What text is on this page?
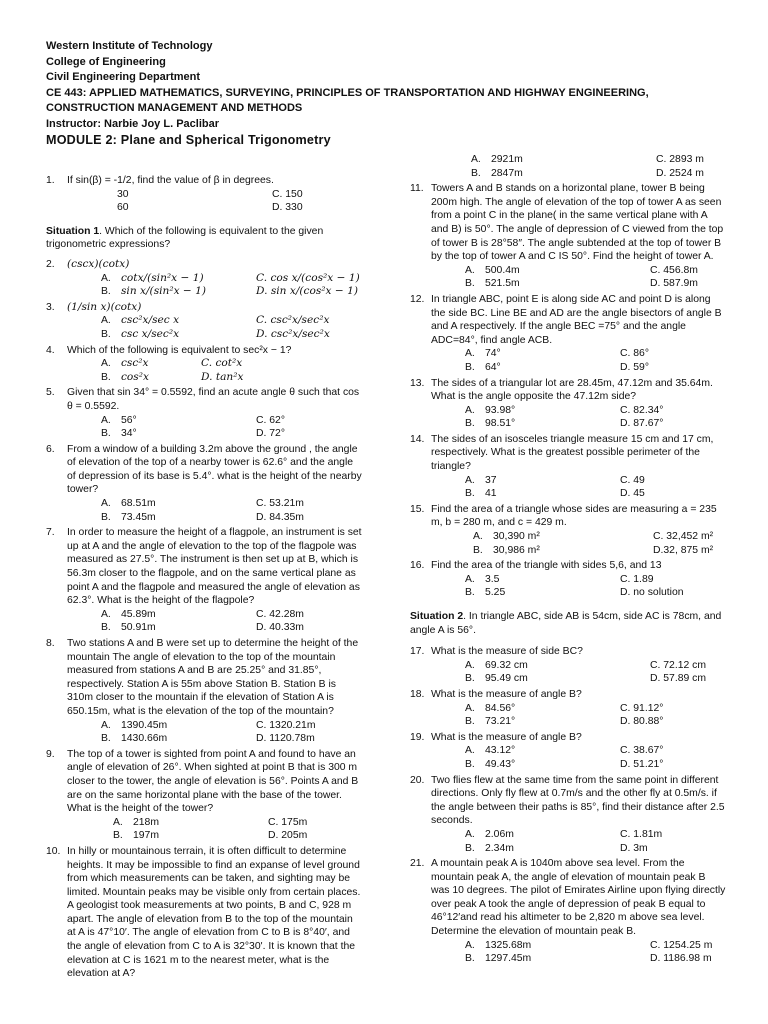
Western Institute of Technology
College of Engineering
Civil Engineering Department
CE 443: APPLIED MATHEMATICS, SURVEYING, PRINCIPLES OF TRANSPORTATION AND HIGHWAY ENGINEERING,
CONSTRUCTION MANAGEMENT AND METHODS
Instructor: Narbie Joy L. Paclibar
MODULE 2: Plane and Spherical Trigonometry
1. If sin(β) = -1/2, find the value of β in degrees.
30	C. 150
60	D. 330
Situation 1. Which of the following is equivalent to the given trigonometric expressions?
2. (cscx)(cotx)
A. cotx/(sin²x − 1)	C. cos x/(cos²x − 1)
B. sin x/(sin²x − 1)	D. sin x/(cos²x − 1)
3. (1/sin x)(cotx)
A. csc²x/sec x	C. csc²x/sec²x
B. csc x/sec²x	D. csc²x/sec²x
4. Which of the following is equivalent to sec²x − 1?
A. csc²x	C. cot²x
B. cos²x	D. tan²x
5. Given that sin 34° = 0.5592, find an acute angle θ such that cos θ = 0.5592.
A. 56°	C. 62°
B. 34°	D. 72°
6. From a window of a building 3.2m above the ground , the angle of elevation of the top of a nearby tower is 62.6° and the angle of depression of its base is 5.4°. what is the height of the nearby tower?
A. 68.51m	C. 53.21m
B. 73.45m	D. 84.35m
7. In order to measure the height of a flagpole, an instrument is set up at A and the angle of elevation to the top of the flagpole was measured as 27.5°. The instrument is then set up at B, which is 56.3m closer to the flagpole, and on the same vertical plane as point A and the flagpole and measured the angle of elevation as 62.3°. What is the height of the flagpole?
A. 45.89m	C. 42.28m
B. 50.91m	D. 40.33m
8. Two stations A and B were set up to determine the height of the mountain The angle of elevation to the top of the mountain measured from stations A and B are 25.25° and 31.85°, respectively. Station A is 55m above Station B. Station B is 310m closer to the mountain if the elevation of Station A is 650.15m, what is the elevation of the top of the mountain?
A. 1390.45m	C. 1320.21m
B. 1430.66m	D. 1120.78m
9. The top of a tower is sighted from point A and found to have an angle of elevation of 26°. When sighted at point B that is 300 m closer to the tower, the angle of elevation is 56°. Points A and B are on the same horizontal plane with the base of the tower. What is the height of the tower?
A. 218m	C. 175m
B. 197m	D. 205m
10. In hilly or mountainous terrain, it is often difficult to determine heights. It may be impossible to find an expanse of level ground from which measurements can be taken, and sighting may be limited. Mountain peaks may be visible only from certain places. A geologist took measurements at two points, B and C, 928 m apart. The angle of elevation from B to the top of the mountain at A is 47°10′. The angle of elevation from C to B is 8°40′, and the angle of elevation from C to A is 32°30'. It is known that the elevation at C is 1621 m to the nearest meter, what is the elevation at A?
A. 2921m	C. 2893 m
B. 2847m	D. 2524 m
11. Towers A and B stands on a horizontal plane, tower B being 200m high. The angle of elevation of the top of tower A as seen from a point C in the plane( in the same vertical plane with A and B) is 50°. The angle of depression of C viewed from the top of tower B is 28°58″. The angle subtended at the top of tower B by the top of tower A and C IS 50°. Find the height of tower A.
A. 500.4m	C. 456.8m
B. 521.5m	D. 587.9m
12. In triangle ABC, point E is along side AC and point D is along the side BC. Line BE and AD are the angle bisectors of angle B and A respectively. If the angle BEC =75° and the angle ADC=84°, find angle ACB.
A. 74°	C. 86°
B. 64°	D. 59°
13. The sides of a triangular lot are 28.45m, 47.12m and 35.64m. What is the angle opposite the 47.12m side?
A. 93.98°	C. 82.34°
B. 98.51°	D. 87.67°
14. The sides of an isosceles triangle measure 15 cm and 17 cm, respectively. What is the greatest possible perimeter of the triangle?
A. 37	C. 49
B. 41	D. 45
15. Find the area of a triangle whose sides are measuring a = 235 m, b = 280 m, and c = 429 m.
A. 30,390 m²	C. 32,452 m²
B. 30,986 m²	D.32, 875 m²
16. Find the area of the triangle with sides 5,6, and 13
A. 3.5	C. 1.89
B. 5.25	D. no solution
Situation 2. In triangle ABC, side AB is 54cm, side AC is 78cm, and angle A is 56°.
17. What is the measure of side BC?
A. 69.32 cm	C. 72.12 cm
B. 95.49 cm	D. 57.89 cm
18. What is the measure of angle B?
A. 84.56°	C. 91.12°
B. 73.21°	D. 80.88°
19. What is the measure of angle B?
A. 43.12°	C. 38.67°
B. 49.43°	D. 51.21°
20. Two flies flew at the same time from the same point in different directions. Only fly flew at 0.7m/s and the other fly at 0.5m/s. if the angle between their paths is 85°, find their distance after 2.5 seconds.
A. 2.06m	C. 1.81m
B. 2.34m	D. 3m
21. A mountain peak A is 1040m above sea level. From the mountain peak A, the angle of elevation of mountain peak B was 10 degrees. The pilot of Emirates Airline upon flying directly over peak A took the angle of depression of peak B equal to 46°12′and read his altimeter to be 2,820 m above sea level. Determine the elevation of mountain peak B.
A. 1325.68m	C. 1254.25 m
B. 1297.45m	D. 1186.98 m
